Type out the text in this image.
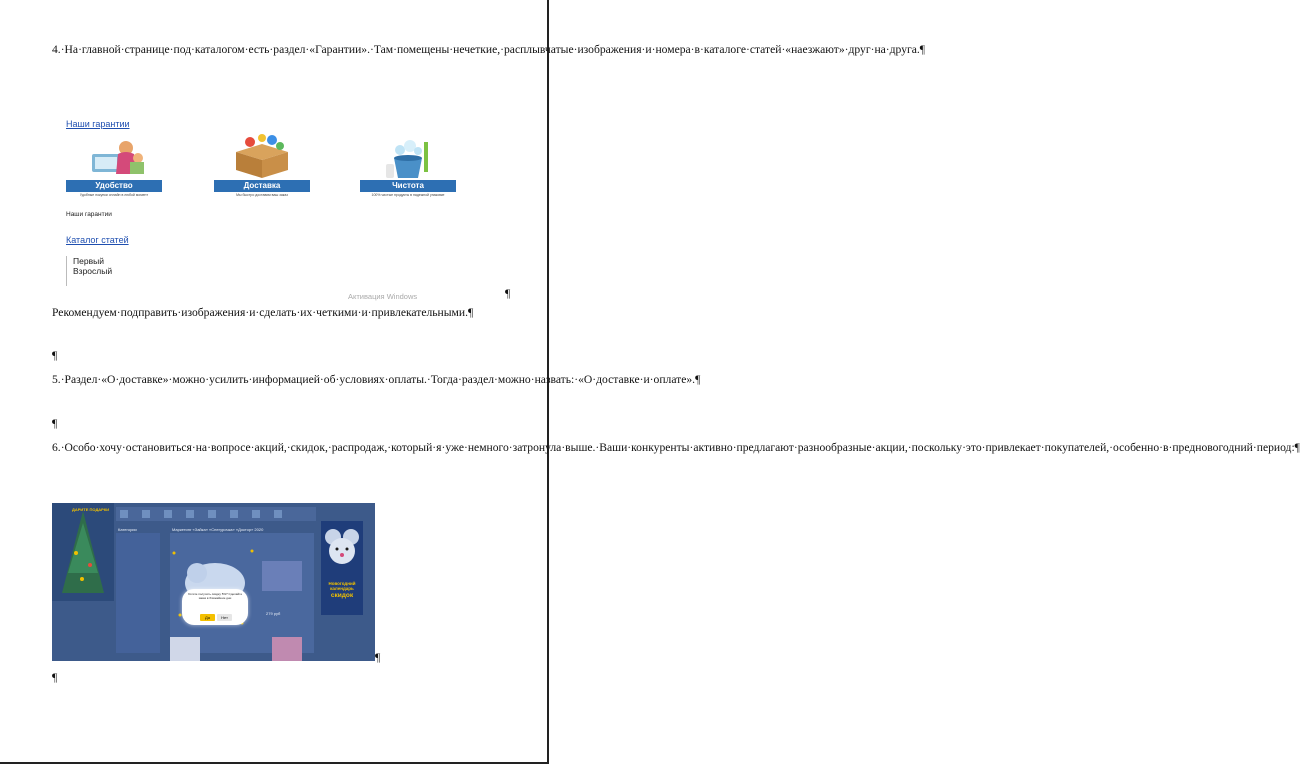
4.·На·главной·странице·под·каталогом·есть·раздел·«Гарантии».·Там·помещены·нечеткие,·расплывчатые·изображения·и·номера·в·каталоге·статей·«наезжают»·друг·на·друга.¶

Наши гарантии
Удобство
Удобные покупки онлайн в любой момент
Доставка
Мы быстро доставим ваш заказ
Чистота
100% чистые продукты в надежной упаковке
Наши гарантии
Каталог статей
Первый
Взрослый
Активация Windows	¶

Рекомендуем·подправить·изображения·и·сделать·их·четкими·и·привлекательными.¶

¶

5.·Раздел·«О·доставке»·можно·усилить·информацией·об·условиях·оплаты.·Тогда·раздел·можно·назвать:·«О·доставке·и·оплате».¶

¶

6.·Особо·хочу·остановиться·на·вопросе·акций,·скидок,·распродаж,·который·я·уже·немного·затронула·выше.·Ваши·конкуренты·активно·предлагают·разнообразные·акции,·поскольку·это·привлекает·покупателей,·особенно·в·предновогодний·период:¶

Категории	Маркетинг «Зайка» «Снегурочка» «Доктор» 2020
ДАРИТЕ ПОДАРКИ
279 руб
Хотите получить скидку 5%? Сделайте заказ в ближайшие дни
Да	Нет
Новогодний календарь
скидок
¶

¶
